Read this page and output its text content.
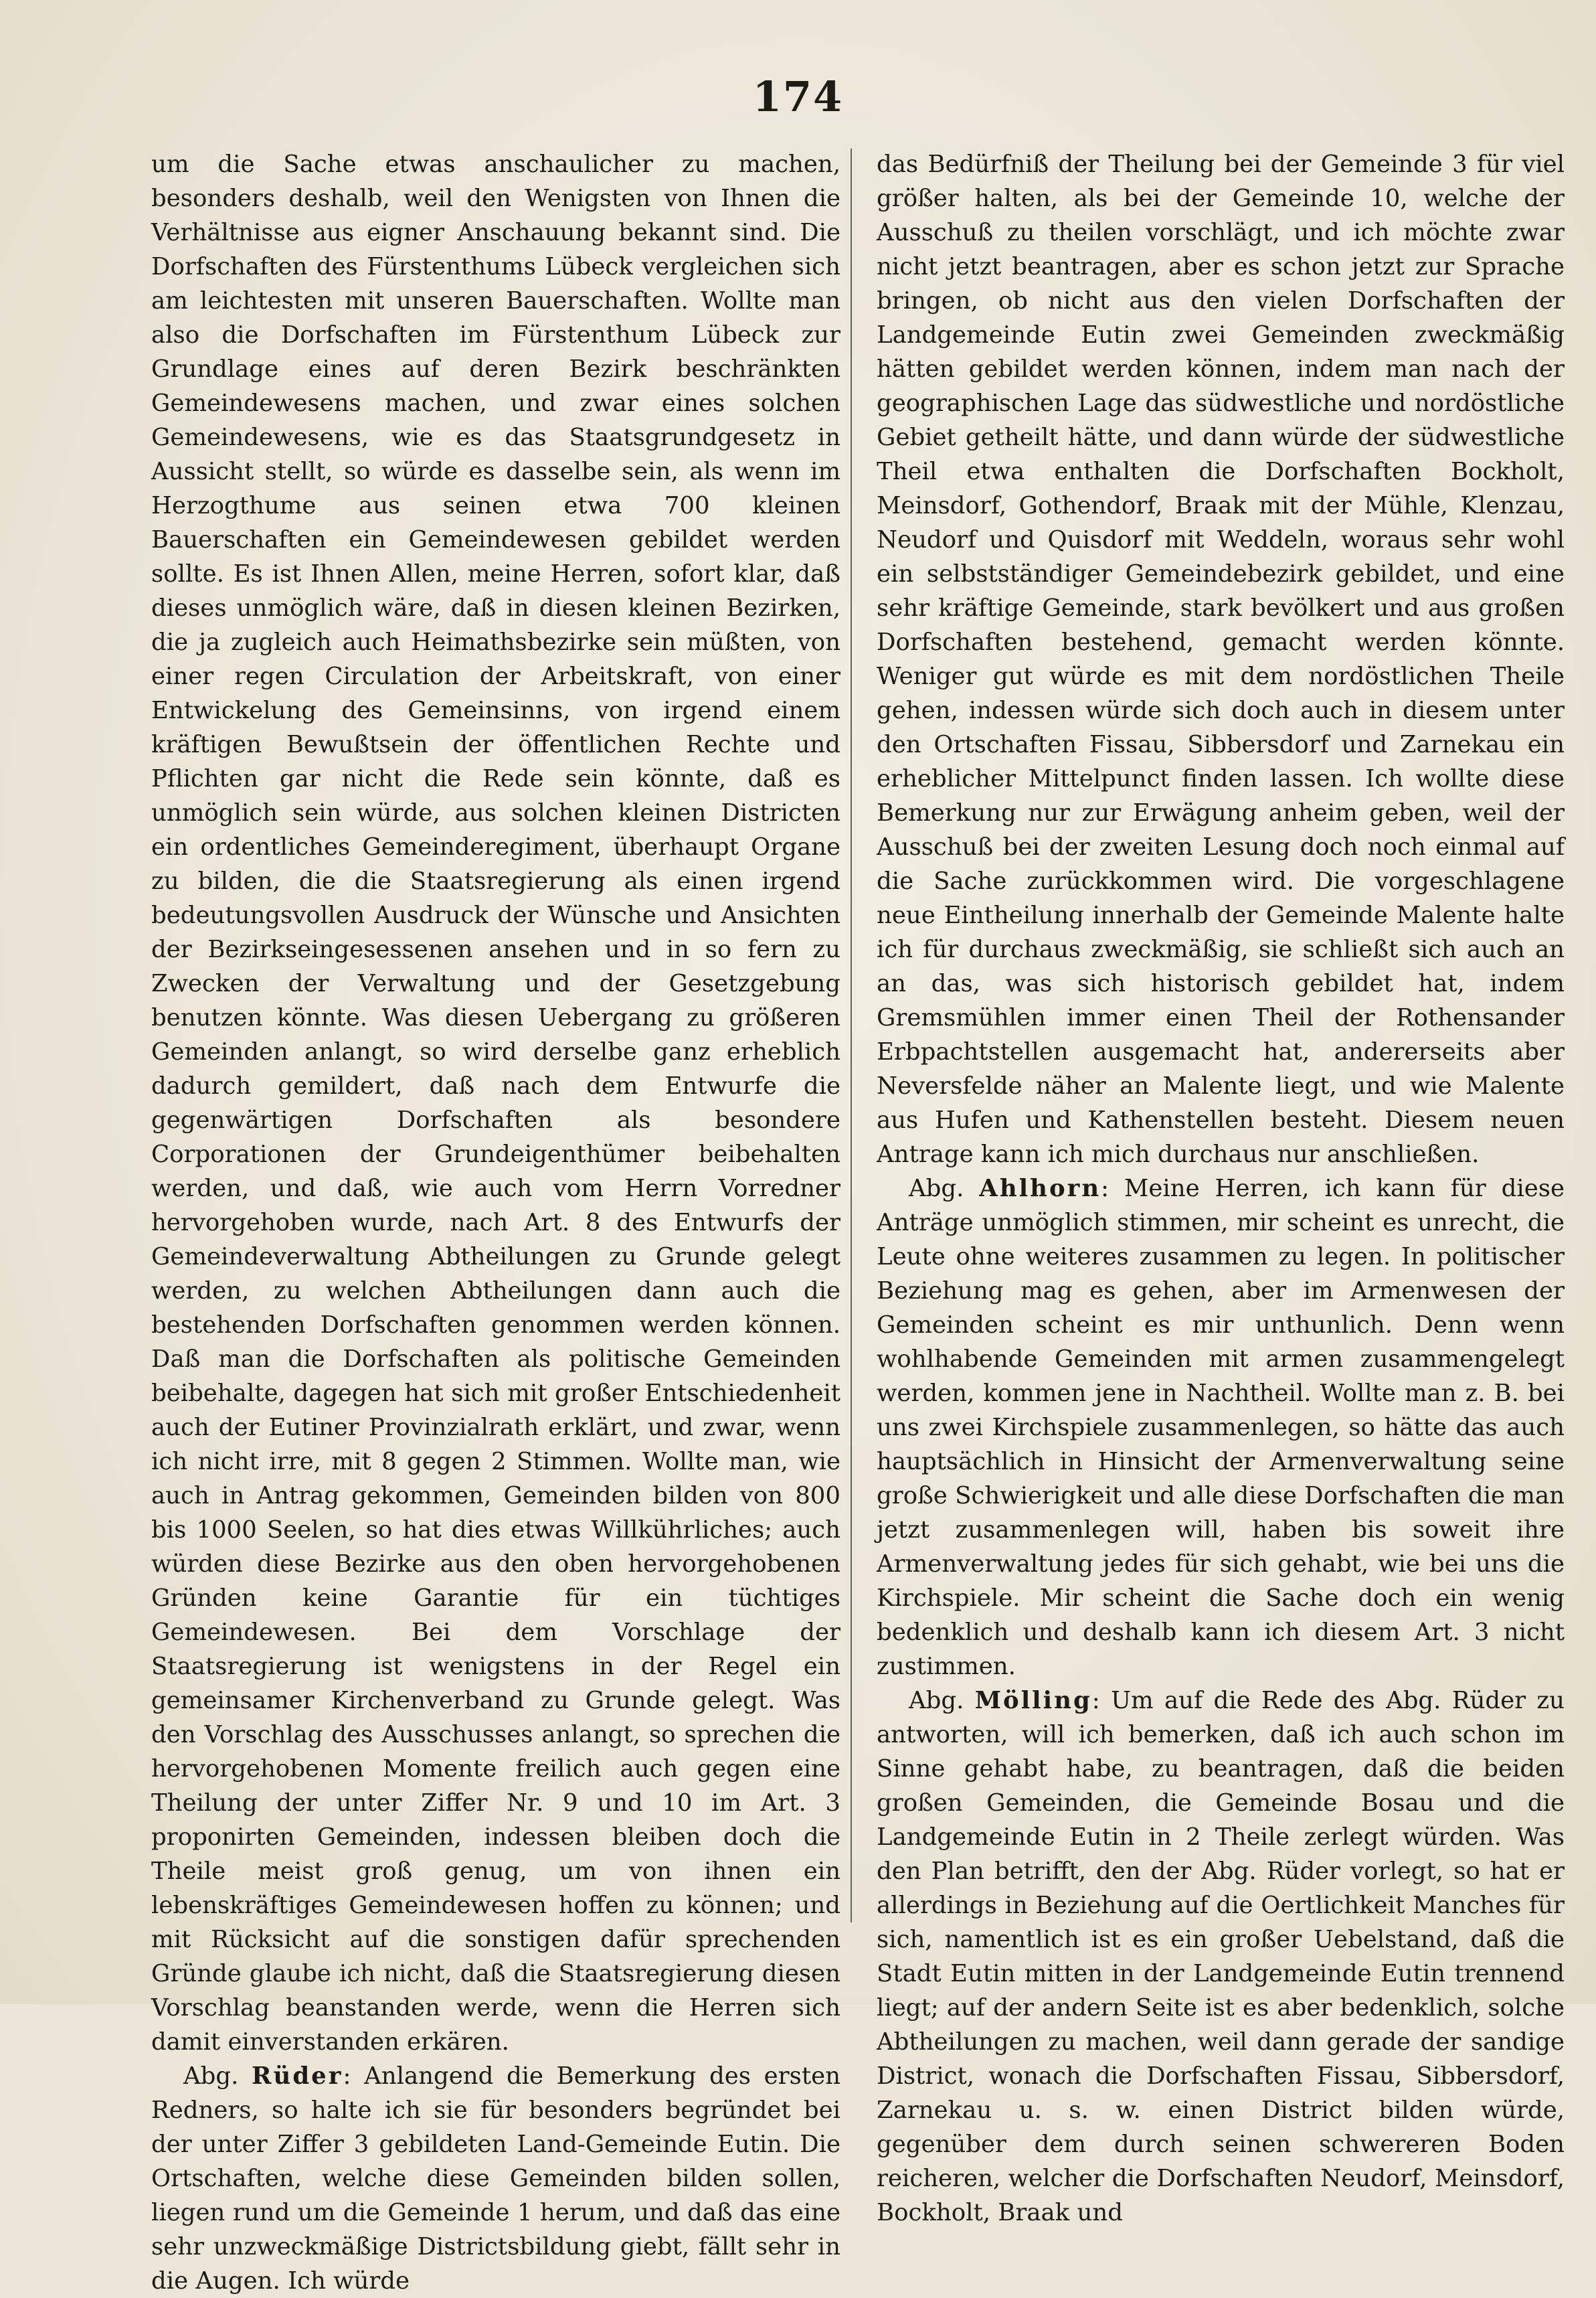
174

um die Sache etwas anschaulicher zu machen, besonders deshalb, weil den Wenigsten von Ihnen die Verhältnisse aus eigner Anschauung bekannt sind. Die Dorfschaften des Fürstenthums Lübeck vergleichen sich am leichtesten mit unseren Bauerschaften. Wollte man also die Dorfschaften im Fürstenthum Lübeck zur Grundlage eines auf deren Bezirk beschränkten Gemeindewesens machen, und zwar eines solchen Gemeindewesens, wie es das Staatsgrundgesetz in Aussicht stellt, so würde es dasselbe sein, als wenn im Herzogthume aus seinen etwa 700 kleinen Bauerschaften ein Gemeindewesen gebildet werden sollte. Es ist Ihnen Allen, meine Herren, sofort klar, daß dieses unmöglich wäre, daß in diesen kleinen Bezirken, die ja zugleich auch Heimathsbezirke sein müßten, von einer regen Circulation der Arbeitskraft, von einer Entwickelung des Gemeinsinns, von irgend einem kräftigen Bewußtsein der öffentlichen Rechte und Pflichten gar nicht die Rede sein könnte, daß es unmöglich sein würde, aus solchen kleinen Districten ein ordentliches Gemeinderegiment, überhaupt Organe zu bilden, die die Staatsregierung als einen irgend bedeutungsvollen Ausdruck der Wünsche und Ansichten der Bezirkseingesessenen ansehen und in so fern zu Zwecken der Verwaltung und der Gesetzgebung benutzen könnte. Was diesen Uebergang zu größeren Gemeinden anlangt, so wird derselbe ganz erheblich dadurch gemildert, daß nach dem Entwurfe die gegenwärtigen Dorfschaften als besondere Corporationen der Grundeigenthümer beibehalten werden, und daß, wie auch vom Herrn Vorredner hervorgehoben wurde, nach Art. 8 des Entwurfs der Gemeindeverwaltung Abtheilungen zu Grunde gelegt werden, zu welchen Abtheilungen dann auch die bestehenden Dorfschaften genommen werden können. Daß man die Dorfschaften als politische Gemeinden beibehalte, dagegen hat sich mit großer Entschiedenheit auch der Eutiner Provinzialrath erklärt, und zwar, wenn ich nicht irre, mit 8 gegen 2 Stimmen. Wollte man, wie auch in Antrag gekommen, Gemeinden bilden von 800 bis 1000 Seelen, so hat dies etwas Willkührliches; auch würden diese Bezirke aus den oben hervorgehobenen Gründen keine Garantie für ein tüchtiges Gemeindewesen. Bei dem Vorschlage der Staatsregierung ist wenigstens in der Regel ein gemeinsamer Kirchenverband zu Grunde gelegt. Was den Vorschlag des Ausschusses anlangt, so sprechen die hervorgehobenen Momente freilich auch gegen eine Theilung der unter Ziffer Nr. 9 und 10 im Art. 3 proponirten Gemeinden, indessen bleiben doch die Theile meist groß genug, um von ihnen ein lebenskräftiges Gemeindewesen hoffen zu können; und mit Rücksicht auf die sonstigen dafür sprechenden Gründe glaube ich nicht, daß die Staatsregierung diesen Vorschlag beanstanden werde, wenn die Herren sich damit einverstanden erkären.

Abg. Rüder: Anlangend die Bemerkung des ersten Redners, so halte ich sie für besonders begründet bei der unter Ziffer 3 gebildeten Land-Gemeinde Eutin. Die Ortschaften, welche diese Gemeinden bilden sollen, liegen rund um die Gemeinde 1 herum, und daß das eine sehr unzweckmäßige Districtsbildung giebt, fällt sehr in die Augen. Ich würde

das Bedürfniß der Theilung bei der Gemeinde 3 für viel größer halten, als bei der Gemeinde 10, welche der Ausschuß zu theilen vorschlägt, und ich möchte zwar nicht jetzt beantragen, aber es schon jetzt zur Sprache bringen, ob nicht aus den vielen Dorfschaften der Landgemeinde Eutin zwei Gemeinden zweckmäßig hätten gebildet werden können, indem man nach der geographischen Lage das südwestliche und nordöstliche Gebiet getheilt hätte, und dann würde der südwestliche Theil etwa enthalten die Dorfschaften Bockholt, Meinsdorf, Gothendorf, Braak mit der Mühle, Klenzau, Neudorf und Quisdorf mit Weddeln, woraus sehr wohl ein selbstständiger Gemeindebezirk gebildet, und eine sehr kräftige Gemeinde, stark bevölkert und aus großen Dorfschaften bestehend, gemacht werden könnte. Weniger gut würde es mit dem nordöstlichen Theile gehen, indessen würde sich doch auch in diesem unter den Ortschaften Fissau, Sibbersdorf und Zarnekau ein erheblicher Mittelpunct finden lassen. Ich wollte diese Bemerkung nur zur Erwägung anheim geben, weil der Ausschuß bei der zweiten Lesung doch noch einmal auf die Sache zurückkommen wird. Die vorgeschlagene neue Eintheilung innerhalb der Gemeinde Malente halte ich für durchaus zweckmäßig, sie schließt sich auch an an das, was sich historisch gebildet hat, indem Gremsmühlen immer einen Theil der Rothensander Erbpachtstellen ausgemacht hat, andererseits aber Neversfelde näher an Malente liegt, und wie Malente aus Hufen und Kathenstellen besteht. Diesem neuen Antrage kann ich mich durchaus nur anschließen.

Abg. Ahlhorn: Meine Herren, ich kann für diese Anträge unmöglich stimmen, mir scheint es unrecht, die Leute ohne weiteres zusammen zu legen. In politischer Beziehung mag es gehen, aber im Armenwesen der Gemeinden scheint es mir unthunlich. Denn wenn wohlhabende Gemeinden mit armen zusammengelegt werden, kommen jene in Nachtheil. Wollte man z. B. bei uns zwei Kirchspiele zusammenlegen, so hätte das auch hauptsächlich in Hinsicht der Armenverwaltung seine große Schwierigkeit und alle diese Dorfschaften die man jetzt zusammenlegen will, haben bis soweit ihre Armenverwaltung jedes für sich gehabt, wie bei uns die Kirchspiele. Mir scheint die Sache doch ein wenig bedenklich und deshalb kann ich diesem Art. 3 nicht zustimmen.

Abg. Mölling: Um auf die Rede des Abg. Rüder zu antworten, will ich bemerken, daß ich auch schon im Sinne gehabt habe, zu beantragen, daß die beiden großen Gemeinden, die Gemeinde Bosau und die Landgemeinde Eutin in 2 Theile zerlegt würden. Was den Plan betrifft, den der Abg. Rüder vorlegt, so hat er allerdings in Beziehung auf die Oertlichkeit Manches für sich, namentlich ist es ein großer Uebelstand, daß die Stadt Eutin mitten in der Landgemeinde Eutin trennend liegt; auf der andern Seite ist es aber bedenklich, solche Abtheilungen zu machen, weil dann gerade der sandige District, wonach die Dorfschaften Fissau, Sibbersdorf, Zarnekau u. s. w. einen District bilden würde, gegenüber dem durch seinen schwereren Boden reicheren, welcher die Dorfschaften Neudorf, Meinsdorf, Bockholt, Braak und
